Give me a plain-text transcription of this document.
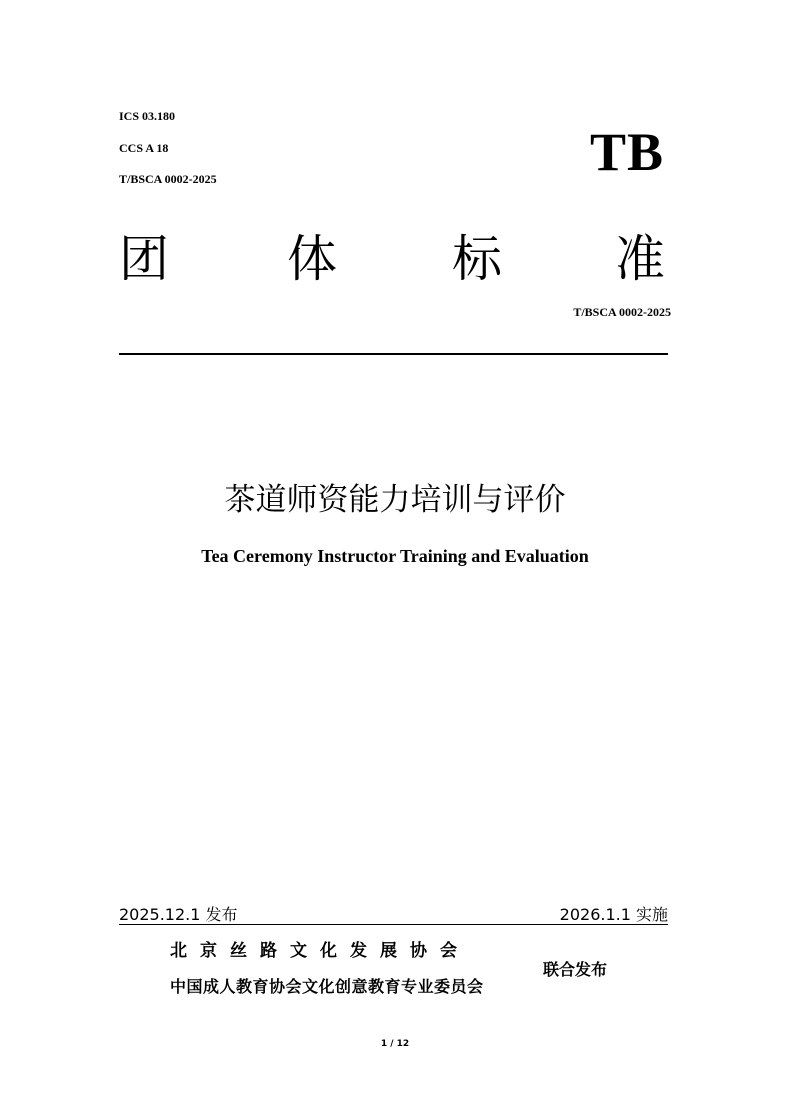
ICS 03.180
CCS A 18
T/BSCA 0002-2025	TB
团 体 标 准
T/BSCA 0002-2025
茶道师资能力培训与评价
Tea Ceremony Instructor Training and Evaluation
2025.12.1 发布	2026.1.1 实施
北京丝路文化发展协会
中国成人教育协会文化创意教育专业委员会
联合发布
1 / 12
